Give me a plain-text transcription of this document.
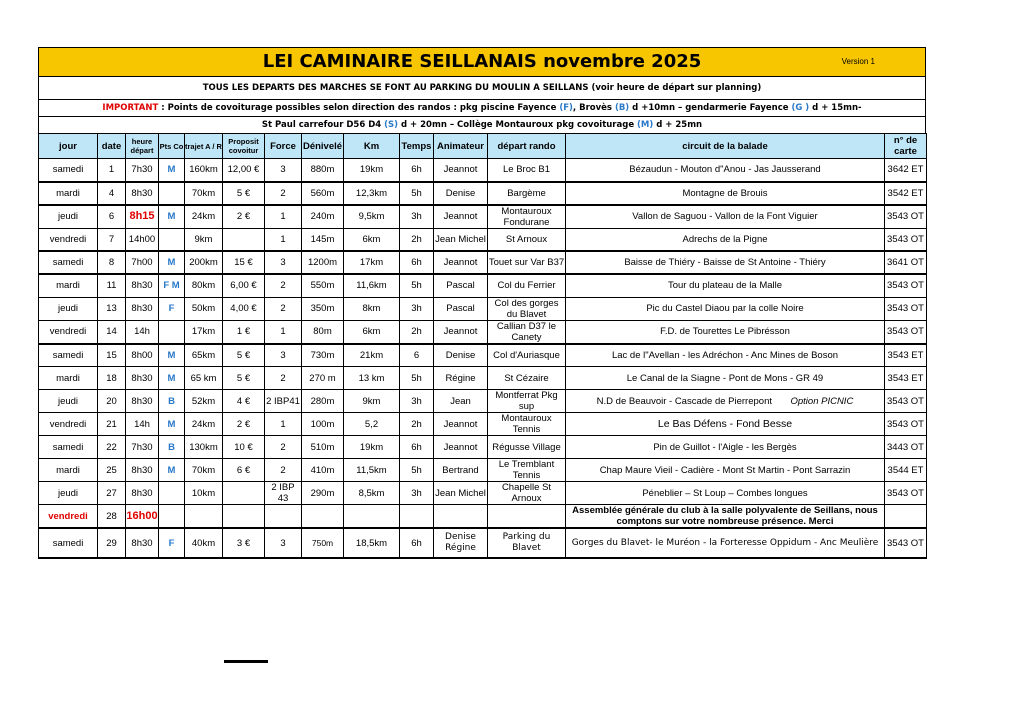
LEI CAMINAIRE SEILLANAIS novembre 2025	Version 1
TOUS LES DEPARTS DES MARCHES SE FONT AU PARKING DU MOULIN A SEILLANS (voir heure de départ sur planning)
IMPORTANT : Points de covoiturage possibles selon direction des randos : pkg piscine Fayence (F), Brovès (B) d +10mn – gendarmerie Fayence (G ) d + 15mn-
St Paul carrefour D56 D4 (S) d + 20mn – Collège Montauroux pkg covoiturage (M) d + 25mn
jour	date	heure départ	Pts Co	trajet A / R	Proposit covoitur	Force	Dénivelé	Km	Temps	Animateur	départ rando	circuit de la balade	n° de carte
samedi	1	7h30	M	160km	12,00 €	3	880m	19km	6h	Jeannot	Le Broc B1	Bézaudun - Mouton d"Anou - Jas Jausserand	3642 ET
mardi	4	8h30		70km	5 €	2	560m	12,3km	5h	Denise	Bargème	Montagne de Brouis	3542 ET
jeudi	6	8h15	M	24km	2 €	1	240m	9,5km	3h	Jeannot	Montauroux Fondurane	Vallon de Saguou - Vallon de la Font Viguier	3543 OT
vendredi	7	14h00		9km		1	145m	6km	2h	Jean Michel	St Arnoux	Adrechs de la Pigne	3543 OT
samedi	8	7h00	M	200km	15 €	3	1200m	17km	6h	Jeannot	Touet sur Var B37	Baisse de Thiéry - Baisse de St Antoine - Thiéry	3641 OT
mardi	11	8h30	F M	80km	6,00 €	2	550m	11,6km	5h	Pascal	Col du Ferrier	Tour du plateau de la Malle	3543 OT
jeudi	13	8h30	F	50km	4,00 €	2	350m	8km	3h	Pascal	Col des gorges du Blavet	Pic du Castel Diaou par la colle Noire	3543 OT
vendredi	14	14h		17km	1 €	1	80m	6km	2h	Jeannot	Callian D37 le Canety	F.D. de Tourettes Le Pibrésson	3543 OT
samedi	15	8h00	M	65km	5 €	3	730m	21km	6	Denise	Col d'Auriasque	Lac de l"Avellan - les Adréchon - Anc Mines de Boson	3543 ET
mardi	18	8h30	M	65 km	5 €	2	270 m	13 km	5h	Régine	St Cézaire	Le Canal de la Siagne - Pont de Mons - GR 49	3543 ET
jeudi	20	8h30	B	52km	4 €	2 IBP41	280m	9km	3h	Jean	Montferrat Pkg sup	N.D de Beauvoir - Cascade de Pierrepont Option PICNIC	3543 OT
vendredi	21	14h	M	24km	2 €	1	100m	5,2	2h	Jeannot	Montauroux Tennis	Le Bas Défens - Fond Besse	3543 OT
samedi	22	7h30	B	130km	10 €	2	510m	19km	6h	Jeannot	Régusse Village	Pin de Guillot - l'Aigle - les Bergès	3443 OT
mardi	25	8h30	M	70km	6 €	2	410m	11,5km	5h	Bertrand	Le Tremblant Tennis	Chap Maure Vieil - Cadière - Mont St Martin - Pont Sarrazin	3544 ET
jeudi	27	8h30		10km		2 IBP 43	290m	8,5km	3h	Jean Michel	Chapelle St Arnoux	Péneblier – St Loup – Combes longues	3543 OT
vendredi	28	16h00										Assemblée générale du club à la salle polyvalente de Seillans, nous comptons sur votre nombreuse présence. Merci	
samedi	29	8h30	F	40km	3 €	3	750m	18,5km	6h	Denise Régine	Parking du Blavet	Gorges du Blavet- le Muréon - la Forteresse Oppidum - Anc Meulière	3543 OT
